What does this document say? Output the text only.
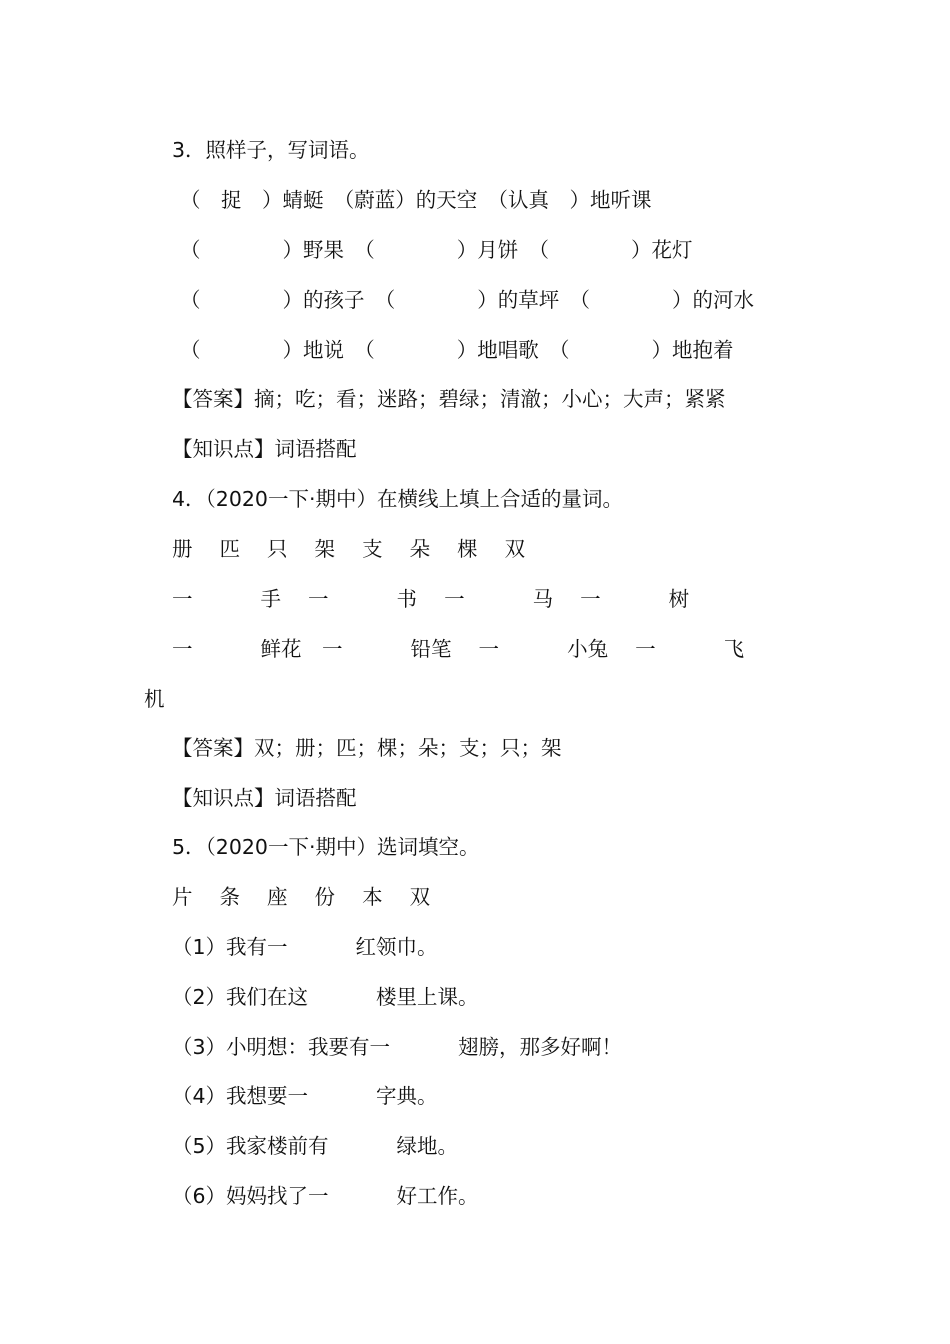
3．照样子，写词语。
（　捉　）蜻蜓　（蔚蓝）的天空　（认真　）地听课
（　　　　）野果　（　　　　）月饼　（　　　　）花灯
（　　　　）的孩子　（　　　　）的草坪　（　　　　）的河水
（　　　　）地说　（　　　　）地唱歌　（　　　　）地抱着
【答案】摘；吃；看；迷路；碧绿；清澈；小心；大声；紧紧
【知识点】词语搭配
4．（2020一下·期中）在横线上填上合适的量词。
册　 匹　 只　 架　 支　 朵　 棵　 双
一　　　 手　 一　　　 书　 一　　　 马　 一　　　 树
一　　　 鲜花　一　　　 铅笔　 一　　　 小兔　 一　　　 飞
机
【答案】双；册；匹；棵；朵；支；只；架
【知识点】词语搭配
5．（2020一下·期中）选词填空。
片　 条　 座　 份　 本　 双
（1）我有一　　　 红领巾。
（2）我们在这　　　 楼里上课。
（3）小明想：我要有一　　　 翅膀，那多好啊！
（4）我想要一　　　 字典。
（5）我家楼前有　　　 绿地。
（6）妈妈找了一　　　 好工作。
